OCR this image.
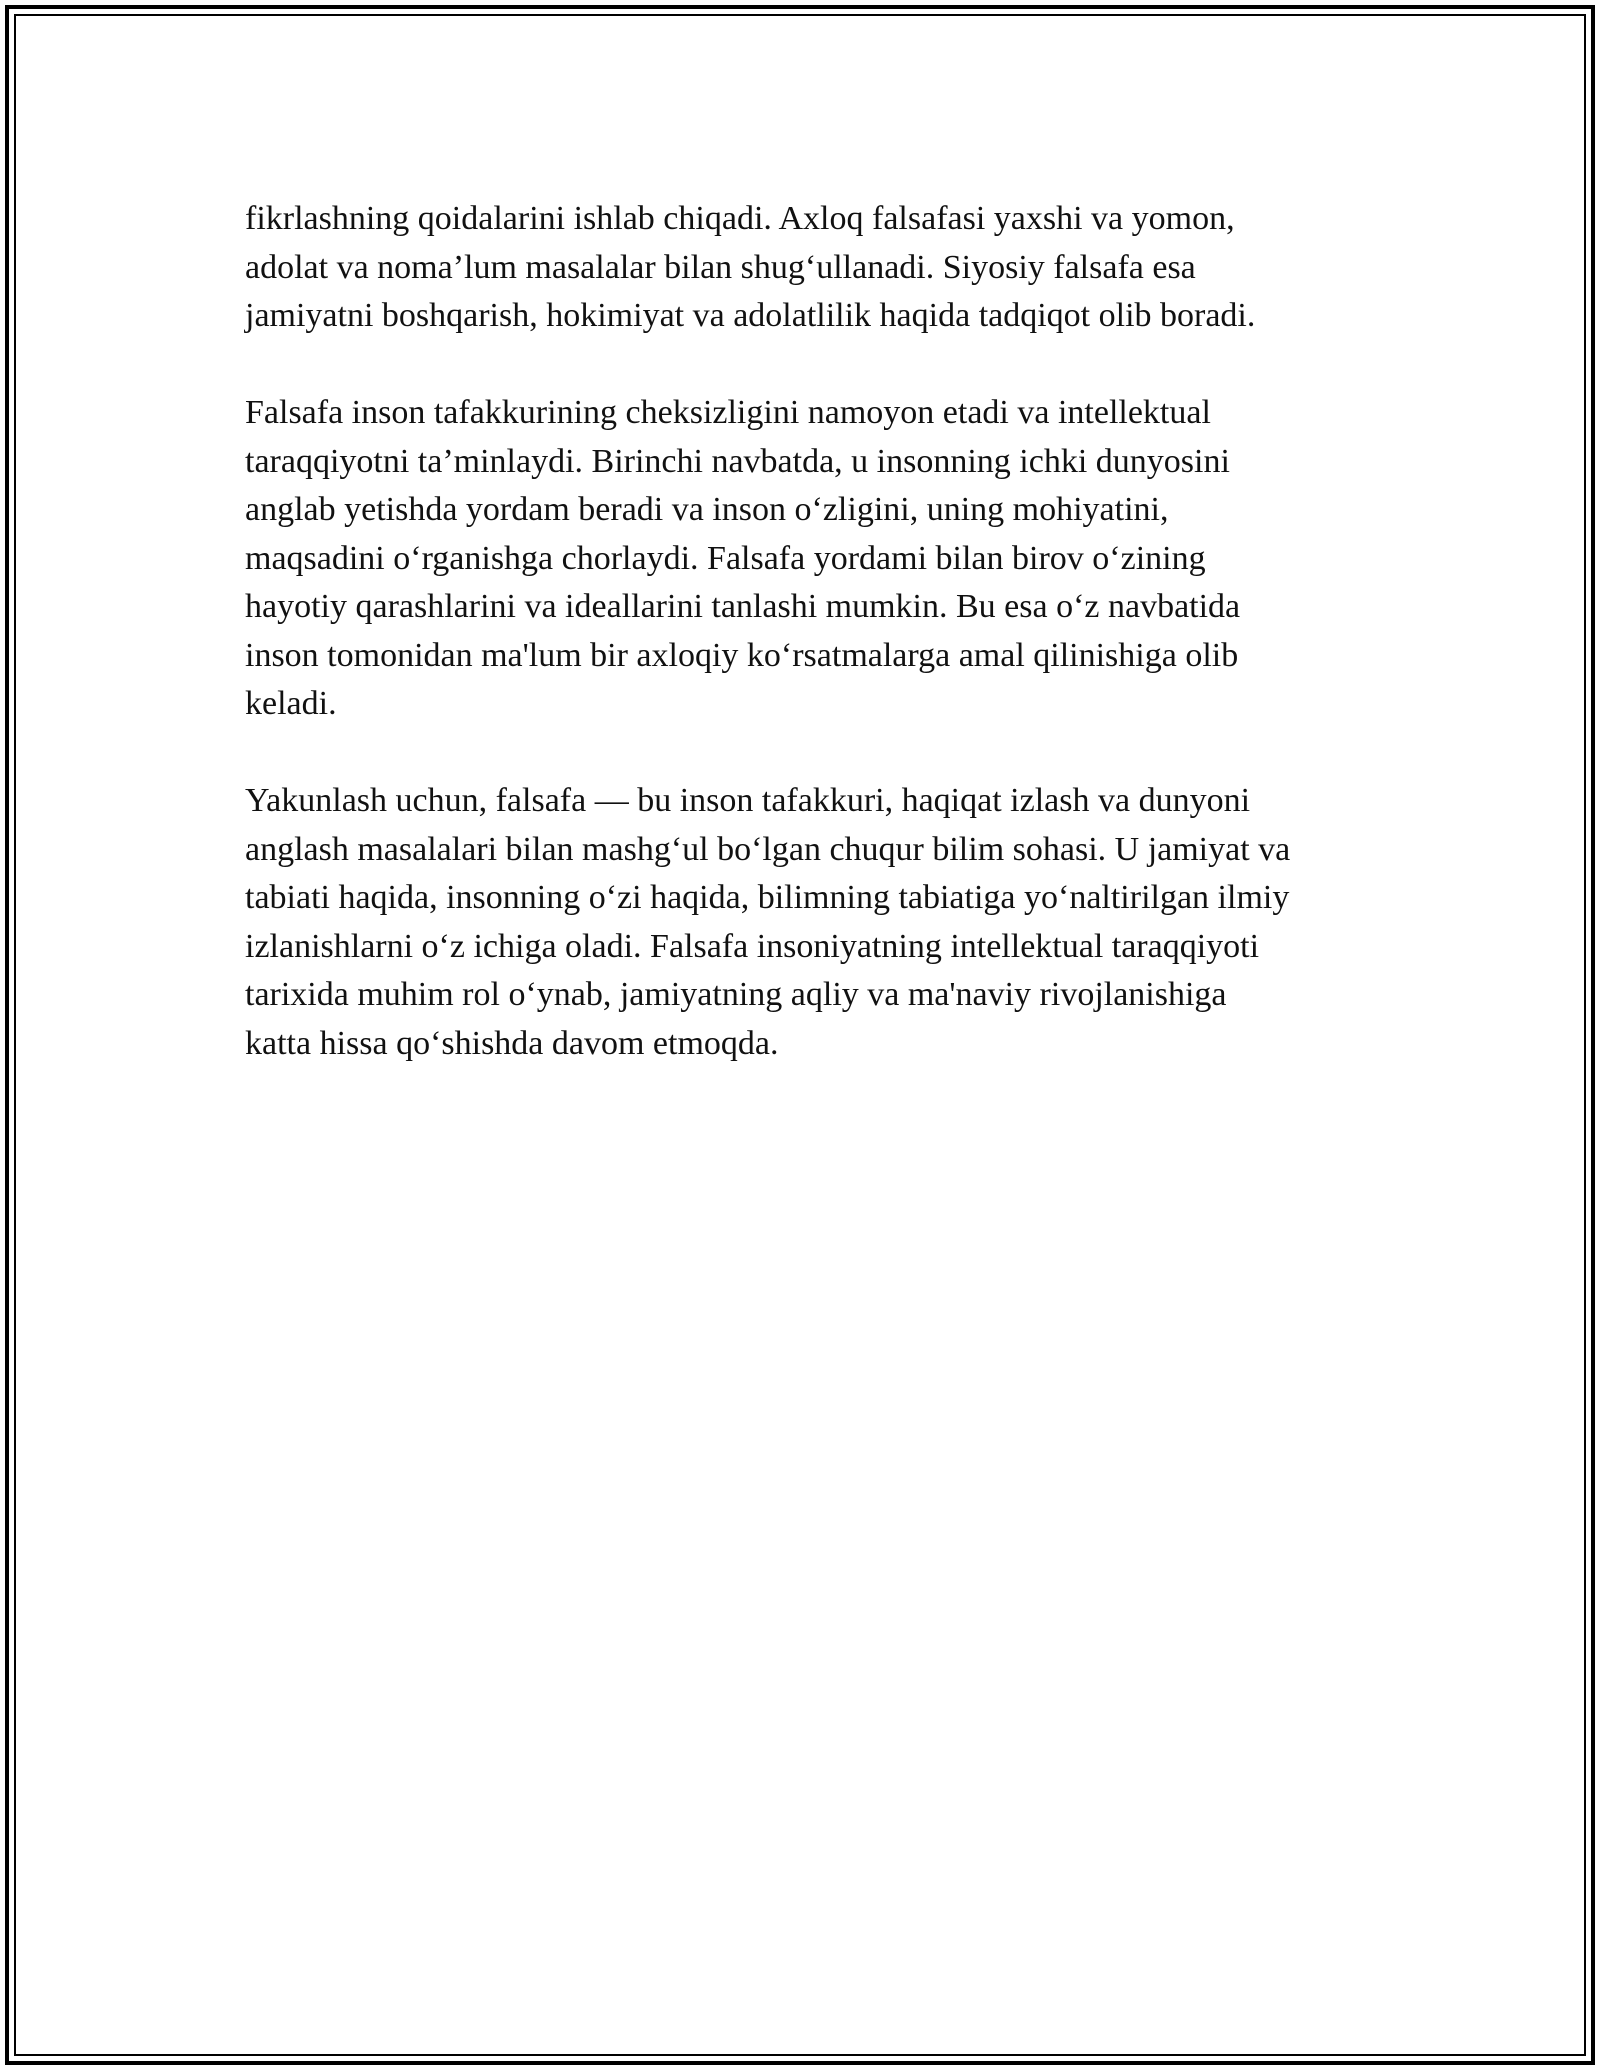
fikrlashning qoidalarini ishlab chiqadi. Axloq falsafasi yaxshi va yomon,
adolat va noma’lum masalalar bilan shug‘ullanadi. Siyosiy falsafa esa
jamiyatni boshqarish, hokimiyat va adolatlilik haqida tadqiqot olib boradi.

Falsafa inson tafakkurining cheksizligini namoyon etadi va intellektual
taraqqiyotni ta’minlaydi. Birinchi navbatda, u insonning ichki dunyosini
anglab yetishda yordam beradi va inson o‘zligini, uning mohiyatini,
maqsadini o‘rganishga chorlaydi. Falsafa yordami bilan birov o‘zining
hayotiy qarashlarini va ideallarini tanlashi mumkin. Bu esa o‘z navbatida
inson tomonidan ma'lum bir axloqiy ko‘rsatmalarga amal qilinishiga olib
keladi.

Yakunlash uchun, falsafa — bu inson tafakkuri, haqiqat izlash va dunyoni
anglash masalalari bilan mashg‘ul bo‘lgan chuqur bilim sohasi. U jamiyat va
tabiati haqida, insonning o‘zi haqida, bilimning tabiatiga yo‘naltirilgan ilmiy
izlanishlarni o‘z ichiga oladi. Falsafa insoniyatning intellektual taraqqiyoti
tarixida muhim rol o‘ynab, jamiyatning aqliy va ma'naviy rivojlanishiga
katta hissa qo‘shishda davom etmoqda.
